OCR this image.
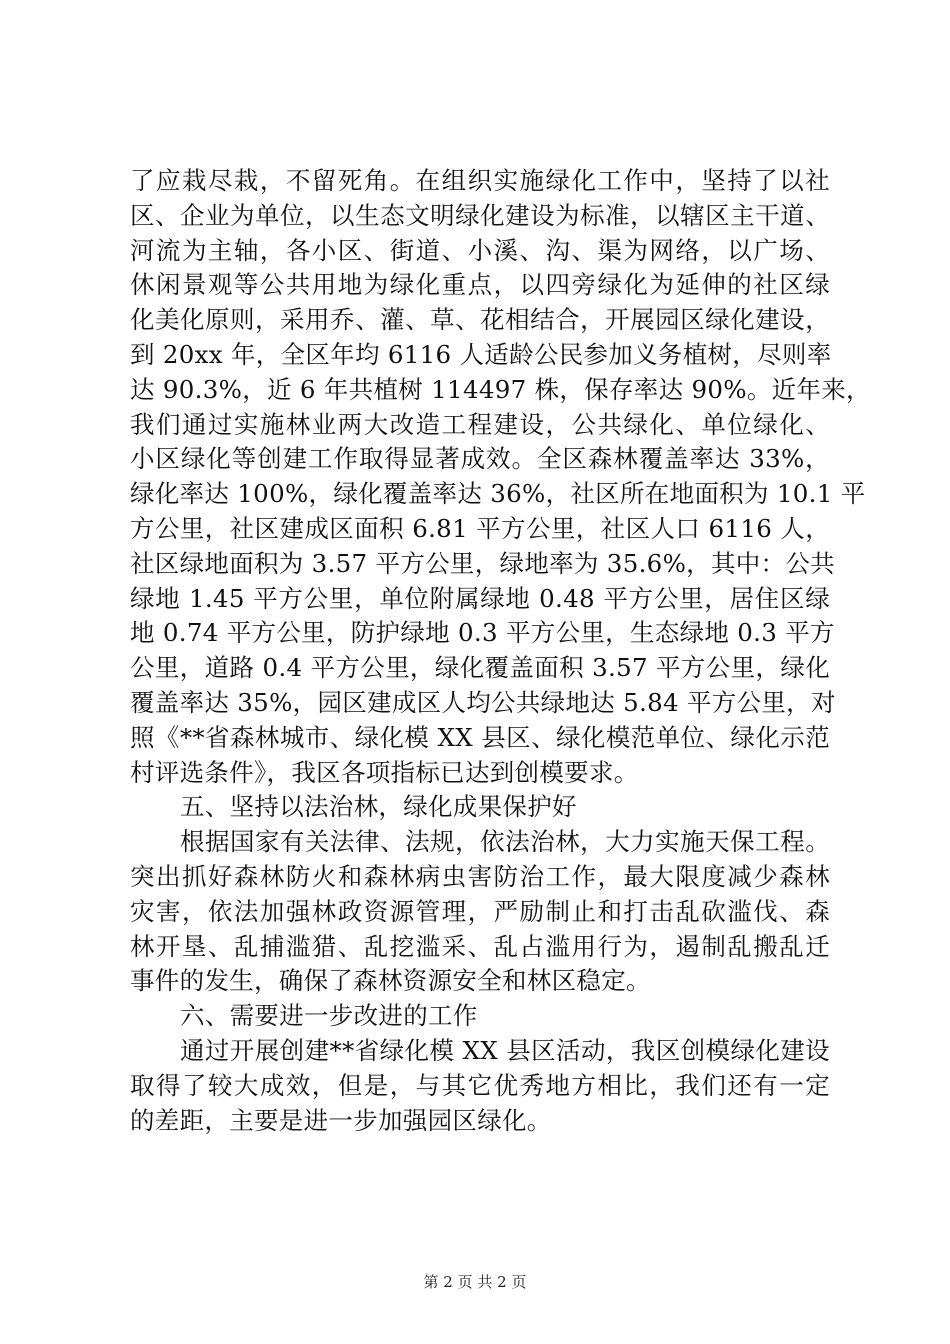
了应栽尽栽，不留死角。在组织实施绿化工作中，坚持了以社
区、企业为单位，以生态文明绿化建设为标准，以辖区主干道、
河流为主轴，各小区、街道、小溪、沟、渠为网络，以广场、
休闲景观等公共用地为绿化重点，以四旁绿化为延伸的社区绿
化美化原则，采用乔、灌、草、花相结合，开展园区绿化建设，
到 20xx 年，全区年均 6116 人适龄公民参加义务植树，尽则率
达 90.3%，近 6 年共植树 114497 株，保存率达 90%。近年来，
我们通过实施林业两大改造工程建设，公共绿化、单位绿化、
小区绿化等创建工作取得显著成效。全区森林覆盖率达 33%，
绿化率达 100%，绿化覆盖率达 36%，社区所在地面积为 10.1 平
方公里，社区建成区面积 6.81 平方公里，社区人口 6116 人，
社区绿地面积为 3.57 平方公里，绿地率为 35.6%，其中：公共
绿地 1.45 平方公里，单位附属绿地 0.48 平方公里，居住区绿
地 0.74 平方公里，防护绿地 0.3 平方公里，生态绿地 0.3 平方
公里，道路 0.4 平方公里，绿化覆盖面积 3.57 平方公里，绿化
覆盖率达 35%，园区建成区人均公共绿地达 5.84 平方公里，对
照《**省森林城市、绿化模 XX 县区、绿化模范单位、绿化示范
村评选条件》，我区各项指标已达到创模要求。
五、坚持以法治林，绿化成果保护好
根据国家有关法律、法规，依法治林，大力实施天保工程。
突出抓好森林防火和森林病虫害防治工作，最大限度减少森林
灾害，依法加强林政资源管理，严励制止和打击乱砍滥伐、森
林开垦、乱捕滥猎、乱挖滥采、乱占滥用行为，遏制乱搬乱迁
事件的发生，确保了森林资源安全和林区稳定。
六、需要进一步改进的工作
通过开展创建**省绿化模 XX 县区活动，我区创模绿化建设
取得了较大成效，但是，与其它优秀地方相比，我们还有一定
的差距，主要是进一步加强园区绿化。
第 2 页 共 2 页
